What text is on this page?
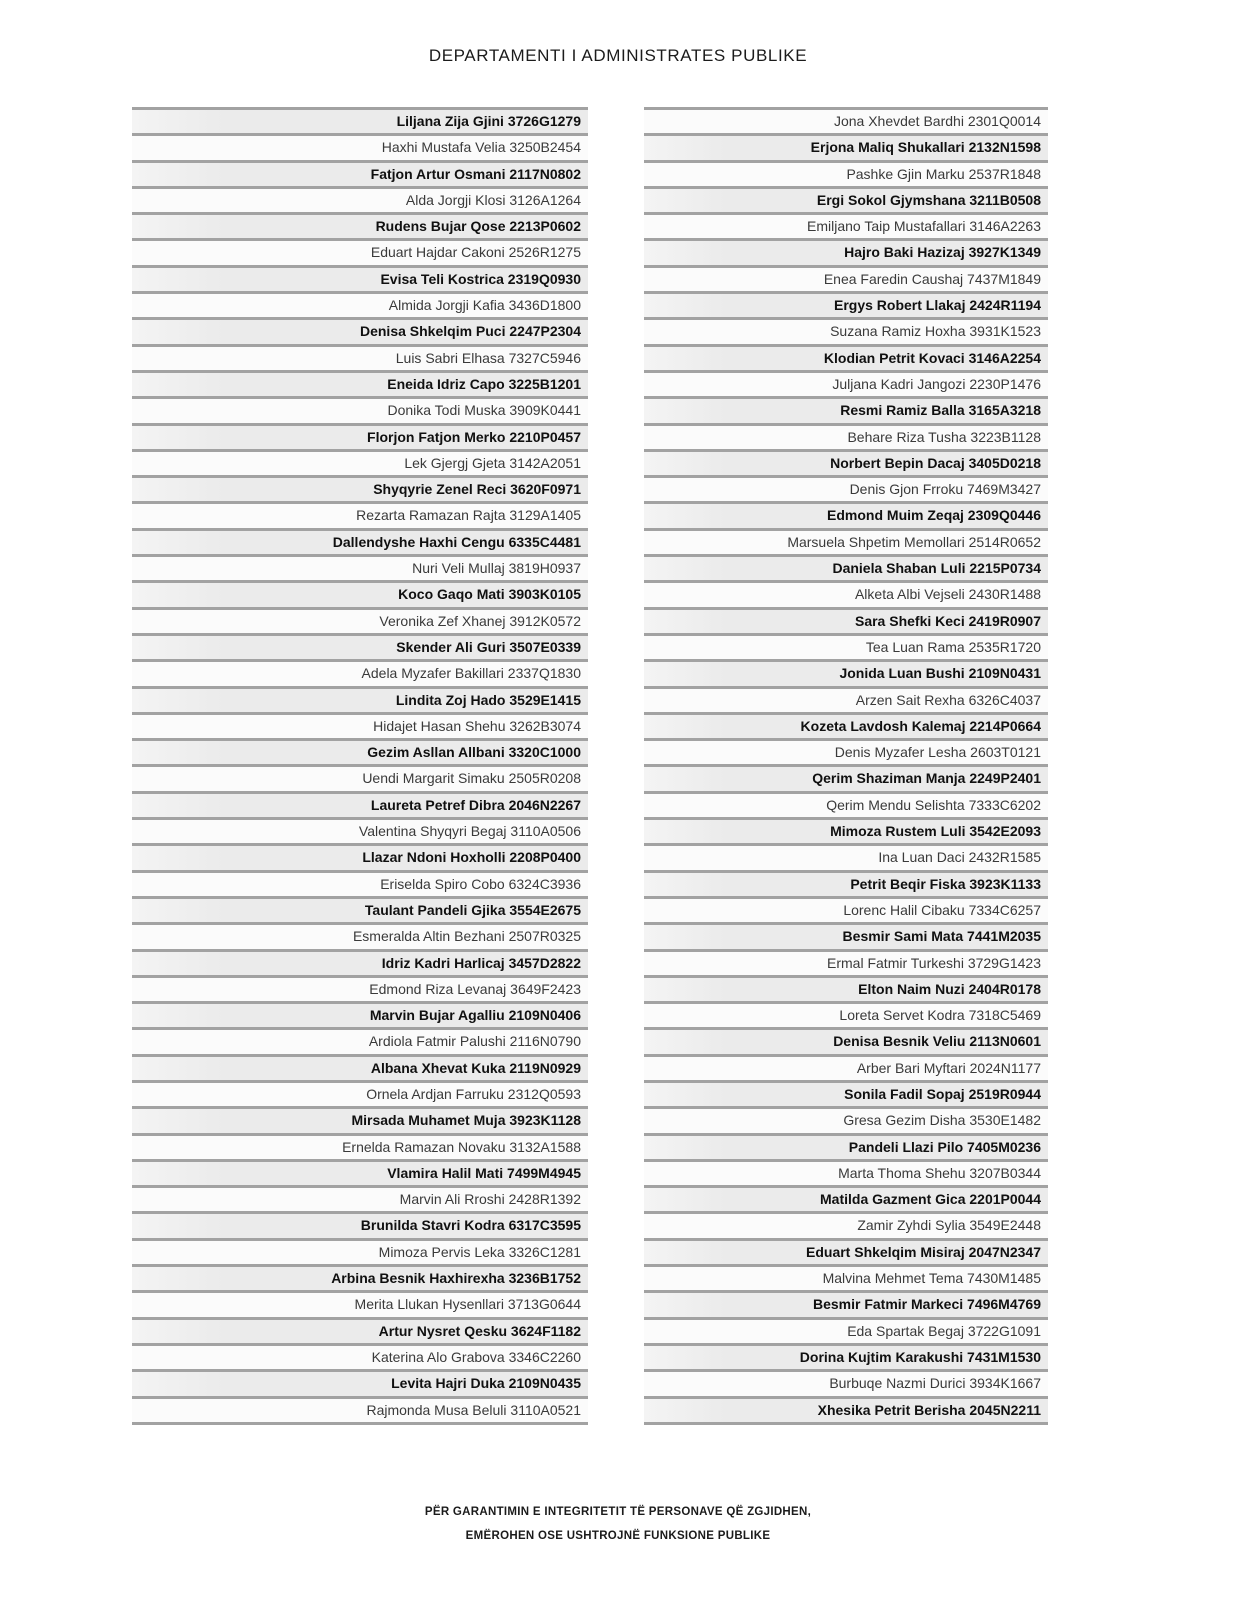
DEPARTAMENTI I ADMINISTRATES PUBLIKE
Liljana Zija Gjini 3726G1279
Haxhi Mustafa Velia 3250B2454
Fatjon Artur Osmani 2117N0802
Alda Jorgji Klosi 3126A1264
Rudens Bujar Qose 2213P0602
Eduart Hajdar Cakoni 2526R1275
Evisa Teli Kostrica 2319Q0930
Almida Jorgji Kafia 3436D1800
Denisa Shkelqim Puci 2247P2304
Luis Sabri Elhasa 7327C5946
Eneida Idriz Capo 3225B1201
Donika Todi Muska 3909K0441
Florjon Fatjon Merko 2210P0457
Lek Gjergj Gjeta 3142A2051
Shyqyrie Zenel Reci 3620F0971
Rezarta Ramazan Rajta 3129A1405
Dallendyshe Haxhi Cengu 6335C4481
Nuri Veli Mullaj 3819H0937
Koco Gaqo Mati 3903K0105
Veronika Zef Xhanej 3912K0572
Skender Ali Guri 3507E0339
Adela Myzafer Bakillari 2337Q1830
Lindita Zoj Hado 3529E1415
Hidajet Hasan Shehu 3262B3074
Gezim Asllan Allbani 3320C1000
Uendi Margarit Simaku 2505R0208
Laureta Petref Dibra 2046N2267
Valentina Shyqyri Begaj 3110A0506
Llazar Ndoni Hoxholli 2208P0400
Eriselda Spiro Cobo 6324C3936
Taulant Pandeli Gjika 3554E2675
Esmeralda Altin Bezhani 2507R0325
Idriz Kadri Harlicaj 3457D2822
Edmond Riza Levanaj 3649F2423
Marvin Bujar Agalliu 2109N0406
Ardiola Fatmir Palushi 2116N0790
Albana Xhevat Kuka 2119N0929
Ornela Ardjan Farruku 2312Q0593
Mirsada Muhamet Muja 3923K1128
Ernelda Ramazan Novaku 3132A1588
Vlamira Halil Mati 7499M4945
Marvin Ali Rroshi 2428R1392
Brunilda Stavri Kodra 6317C3595
Mimoza Pervis Leka 3326C1281
Arbina Besnik Haxhirexha 3236B1752
Merita Llukan Hysenllari 3713G0644
Artur Nysret Qesku 3624F1182
Katerina Alo Grabova 3346C2260
Levita Hajri Duka 2109N0435
Rajmonda Musa Beluli 3110A0521
Jona Xhevdet Bardhi 2301Q0014
Erjona Maliq Shukallari 2132N1598
Pashke Gjin Marku 2537R1848
Ergi Sokol Gjymshana 3211B0508
Emiljano Taip Mustafallari 3146A2263
Hajro Baki Hazizaj 3927K1349
Enea Faredin Caushaj 7437M1849
Ergys Robert Llakaj 2424R1194
Suzana Ramiz Hoxha 3931K1523
Klodian Petrit Kovaci 3146A2254
Juljana Kadri Jangozi 2230P1476
Resmi Ramiz Balla 3165A3218
Behare Riza Tusha 3223B1128
Norbert Bepin Dacaj 3405D0218
Denis Gjon Frroku 7469M3427
Edmond Muim Zeqaj 2309Q0446
Marsuela Shpetim Memollari 2514R0652
Daniela Shaban Luli 2215P0734
Alketa Albi Vejseli 2430R1488
Sara Shefki Keci 2419R0907
Tea Luan Rama 2535R1720
Jonida Luan Bushi 2109N0431
Arzen Sait Rexha 6326C4037
Kozeta Lavdosh Kalemaj 2214P0664
Denis Myzafer Lesha 2603T0121
Qerim Shaziman Manja 2249P2401
Qerim Mendu Selishta 7333C6202
Mimoza Rustem Luli 3542E2093
Ina Luan Daci 2432R1585
Petrit Beqir Fiska 3923K1133
Lorenc Halil Cibaku 7334C6257
Besmir Sami Mata 7441M2035
Ermal Fatmir Turkeshi 3729G1423
Elton Naim Nuzi 2404R0178
Loreta Servet Kodra 7318C5469
Denisa Besnik Veliu 2113N0601
Arber Bari Myftari 2024N1177
Sonila Fadil Sopaj 2519R0944
Gresa Gezim Disha 3530E1482
Pandeli Llazi Pilo 7405M0236
Marta Thoma Shehu 3207B0344
Matilda Gazment Gica 2201P0044
Zamir Zyhdi Sylia 3549E2448
Eduart Shkelqim Misiraj 2047N2347
Malvina Mehmet Tema 7430M1485
Besmir Fatmir Markeci 7496M4769
Eda Spartak Begaj 3722G1091
Dorina Kujtim Karakushi 7431M1530
Burbuqe Nazmi Durici 3934K1667
Xhesika Petrit Berisha 2045N2211
PËR GARANTIMIN E INTEGRITETIT TË PERSONAVE QË ZGJIDHEN,
EMËROHEN OSE USHTROJNË FUNKSIONE PUBLIKE
